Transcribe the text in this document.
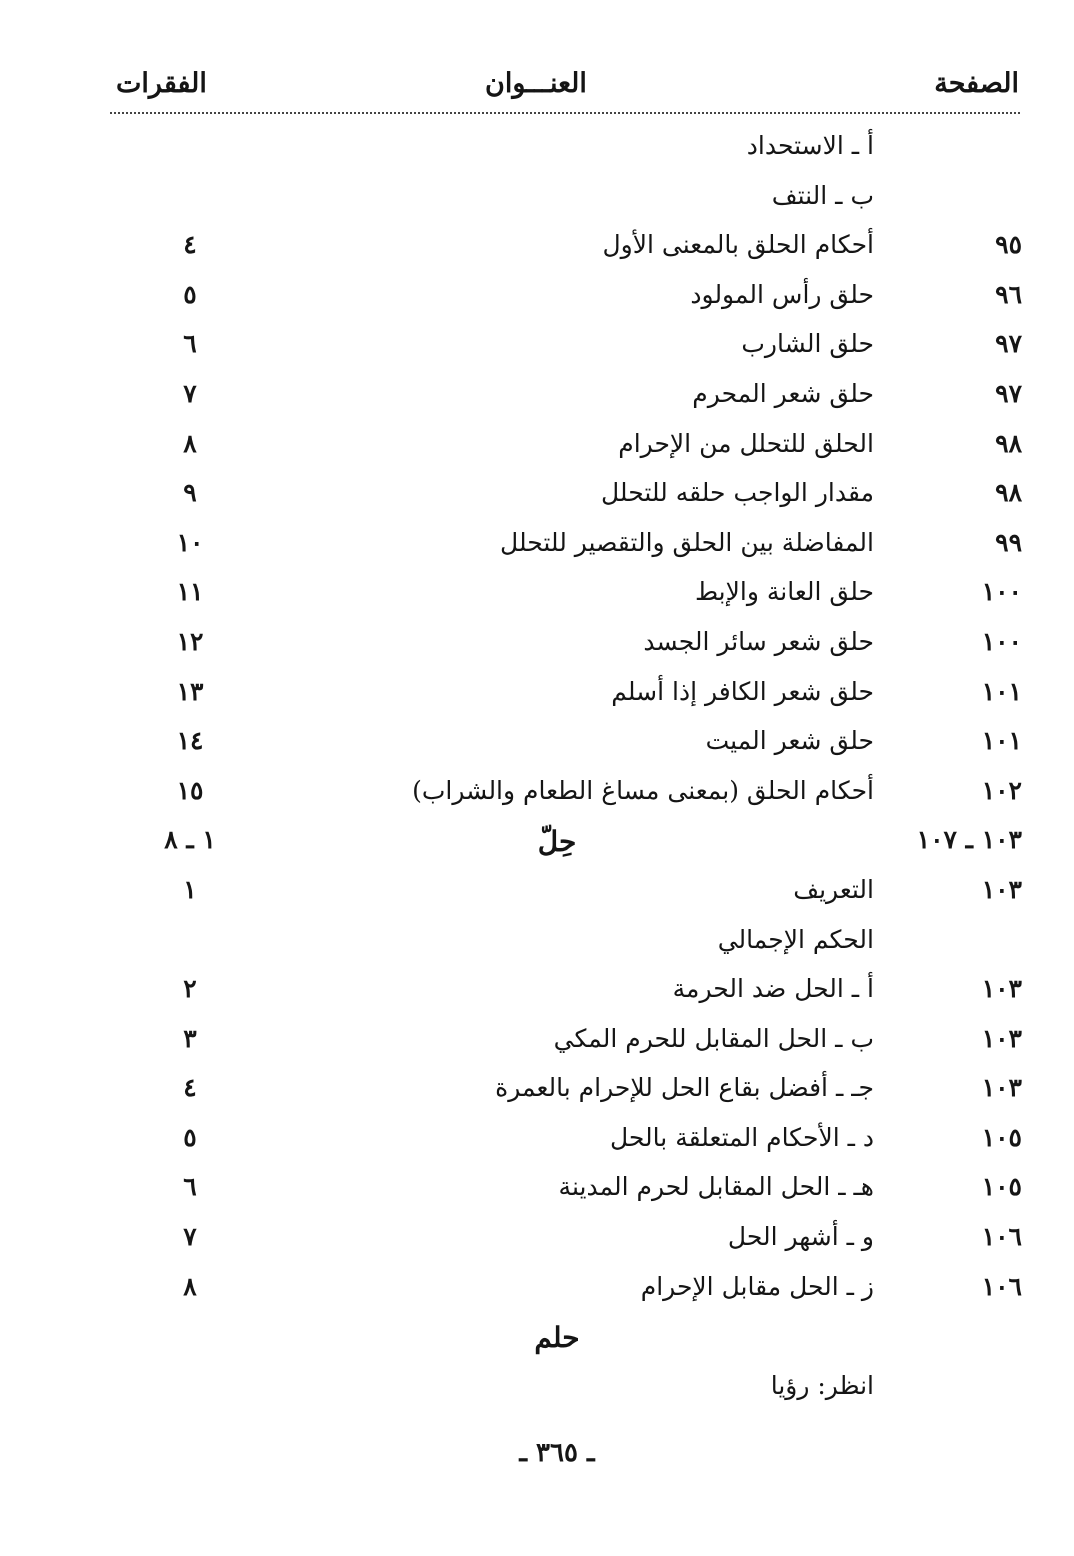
الصفحة
العنـــوان
الفقرات
أ ـ الاستحداد
ب ـ النتف
٩٥
أحكام الحلق بالمعنى الأول
٤
٩٦
حلق رأس المولود
٥
٩٧
حلق الشارب
٦
٩٧
حلق شعر المحرم
٧
٩٨
الحلق للتحلل من الإحرام
٨
٩٨
مقدار الواجب حلقه للتحلل
٩
٩٩
المفاضلة بين الحلق والتقصير للتحلل
١٠
١٠٠
حلق العانة والإبط
١١
١٠٠
حلق شعر سائر الجسد
١٢
١٠١
حلق شعر الكافر إذا أسلم
١٣
١٠١
حلق شعر الميت
١٤
١٠٢
أحكام الحلق (بمعنى مساغ الطعام والشراب)
١٥
١٠٣ ـ ١٠٧
حِلّ
١ ـ ٨
١٠٣
التعريف
١
الحكم الإجمالي
١٠٣
أ ـ الحل ضد الحرمة
٢
١٠٣
ب ـ الحل المقابل للحرم المكي
٣
١٠٣
جـ ـ أفضل بقاع الحل للإحرام بالعمرة
٤
١٠٥
د ـ الأحكام المتعلقة بالحل
٥
١٠٥
هـ ـ الحل المقابل لحرم المدينة
٦
١٠٦
و ـ أشهر الحل
٧
١٠٦
ز ـ الحل مقابل الإحرام
٨
حلم
انظر: رؤيا
ـ ٣٦٥ ـ
